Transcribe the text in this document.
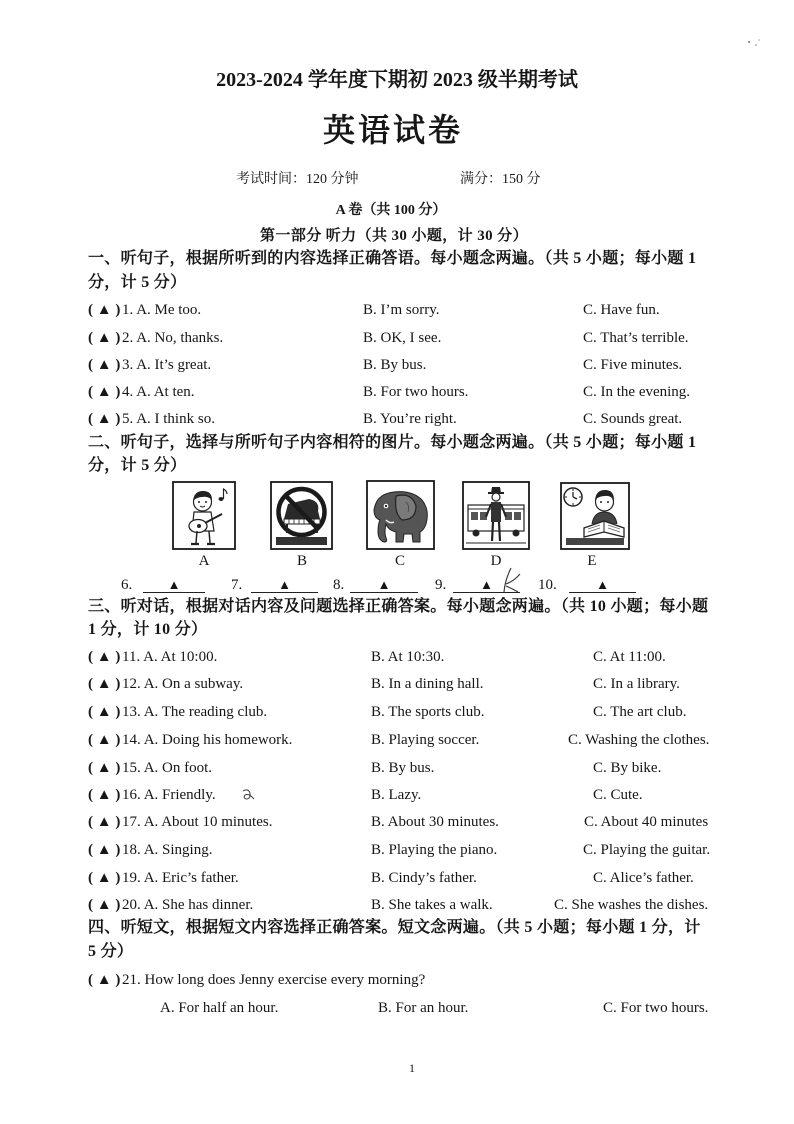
2023-2024 学年度下期初 2023 级半期考试
英语试卷
考试时间：120 分钟	满分：150 分
A 卷（共 100 分）
第一部分 听力（共 30 小题，计 30 分）
一、听句子，根据所听到的内容选择正确答语。每小题念两遍。（共 5 小题；每小题 1
分，计 5 分）
( ▲ ) 1. A. Me too.	B. I’m sorry.	C. Have fun.
( ▲ ) 2. A. No, thanks.	B. OK, I see.	C. That’s terrible.
( ▲ ) 3. A. It’s great.	B. By bus.	C. Five minutes.
( ▲ ) 4. A. At ten.	B. For two hours.	C. In the evening.
( ▲ ) 5. A. I think so.	B. You’re right.	C. Sounds great.
二、听句子，选择与所听句子内容相符的图片。每小题念两遍。（共 5 小题；每小题 1
分，计 5 分）
A	B	C	D	E
6.	▲	7.	▲	8.	▲	9.	▲	10.	▲
三、听对话，根据对话内容及问题选择正确答案。每小题念两遍。（共 10 小题；每小题
1 分，计 10 分）
( ▲ ) 11. A. At 10:00.	B. At 10:30.	C. At 11:00.
( ▲ ) 12. A. On a subway.	B. In a dining hall.	C. In a library.
( ▲ ) 13. A. The reading club.	B. The sports club.	C. The art club.
( ▲ ) 14. A. Doing his homework.	B. Playing soccer.	C. Washing the clothes.
( ▲ ) 15. A. On foot.	B. By bus.	C. By bike.
( ▲ ) 16. A. Friendly.	B. Lazy.	C. Cute.
( ▲ ) 17. A. About 10 minutes.	B. About 30 minutes.	C. About 40 minutes
( ▲ ) 18. A. Singing.	B. Playing the piano.	C. Playing the guitar.
( ▲ ) 19. A. Eric’s father.	B. Cindy’s father.	C. Alice’s father.
( ▲ ) 20. A. She has dinner.	B. She takes a walk.	C. She washes the dishes.
四、听短文，根据短文内容选择正确答案。短文念两遍。（共 5 小题；每小题 1 分，计
5 分）
( ▲ ) 21. How long does Jenny exercise every morning?
A. For half an hour.	B. For an hour.	C. For two hours.
1
